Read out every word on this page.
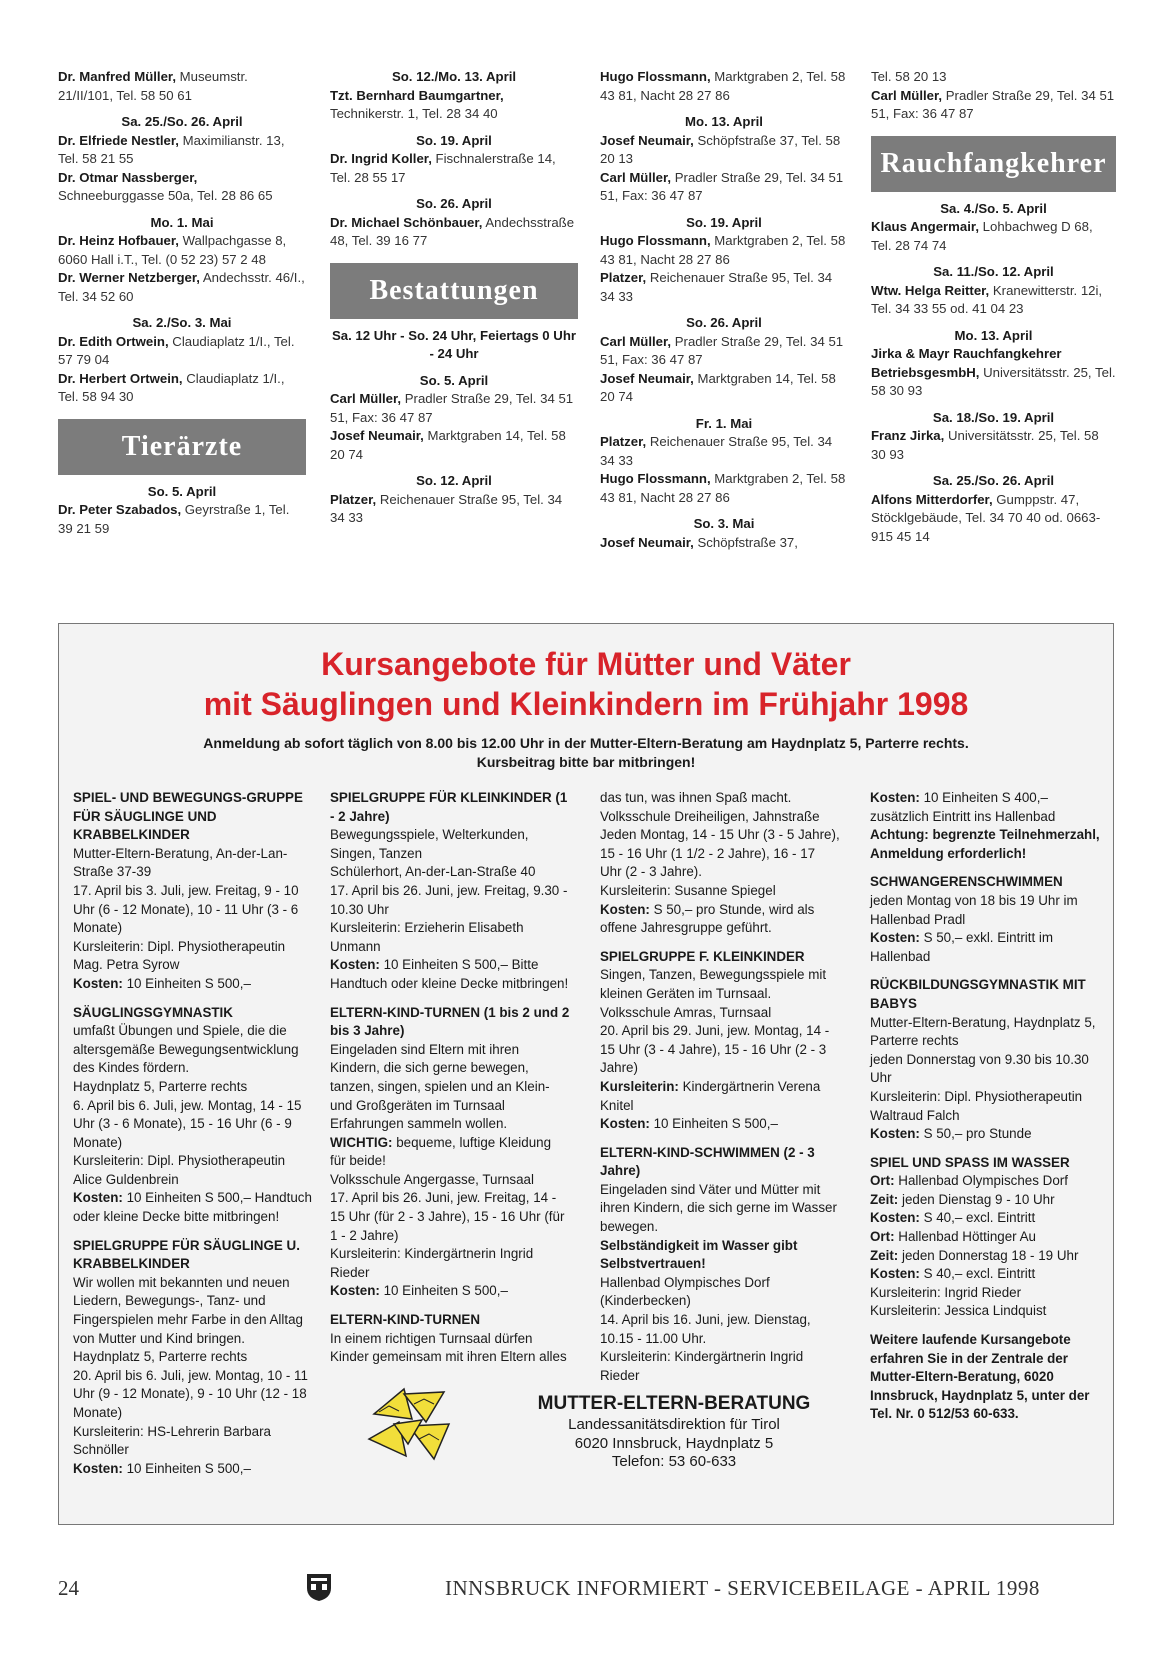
Dr. Manfred Müller, Museumstr. 21/II/101, Tel. 58 50 61
Sa. 25./So. 26. April
Dr. Elfriede Nestler, Maximilianstr. 13, Tel. 58 21 55
Dr. Otmar Nassberger, Schneeburggasse 50a, Tel. 28 86 65
Mo. 1. Mai
Dr. Heinz Hofbauer, Wallpachgasse 8, 6060 Hall i.T., Tel. (0 52 23) 57 2 48
Dr. Werner Netzberger, Andechsstr. 46/I., Tel. 34 52 60
Sa. 2./So. 3. Mai
Dr. Edith Ortwein, Claudiaplatz 1/I., Tel. 57 79 04
Dr. Herbert Ortwein, Claudiaplatz 1/I., Tel. 58 94 30
Tierärzte
So. 5. April
Dr. Peter Szabados, Geyrstraße 1, Tel. 39 21 59
So. 12./Mo. 13. April
Tzt. Bernhard Baumgartner, Technikerstr. 1, Tel. 28 34 40
So. 19. April
Dr. Ingrid Koller, Fischnalerstraße 14, Tel. 28 55 17
So. 26. April
Dr. Michael Schönbauer, Andechsstraße 48, Tel. 39 16 77
Bestattungen
Sa. 12 Uhr - So. 24 Uhr, Feiertags 0 Uhr - 24 Uhr
So. 5. April
Carl Müller, Pradler Straße 29, Tel. 34 51 51, Fax: 36 47 87
Josef Neumair, Marktgraben 14, Tel. 58 20 74
So. 12. April
Platzer, Reichenauer Straße 95, Tel. 34 34 33
Hugo Flossmann, Marktgraben 2, Tel. 58 43 81, Nacht 28 27 86
Mo. 13. April
Josef Neumair, Schöpfstraße 37, Tel. 58 20 13
Carl Müller, Pradler Straße 29, Tel. 34 51 51, Fax: 36 47 87
So. 19. April
Hugo Flossmann, Marktgraben 2, Tel. 58 43 81, Nacht 28 27 86
Platzer, Reichenauer Straße 95, Tel. 34 34 33
So. 26. April
Carl Müller, Pradler Straße 29, Tel. 34 51 51, Fax: 36 47 87
Josef Neumair, Marktgraben 14, Tel. 58 20 74
Fr. 1. Mai
Platzer, Reichenauer Straße 95, Tel. 34 34 33
Hugo Flossmann, Marktgraben 2, Tel. 58 43 81, Nacht 28 27 86
So. 3. Mai
Josef Neumair, Schöpfstraße 37,
Tel. 58 20 13
Carl Müller, Pradler Straße 29, Tel. 34 51 51, Fax: 36 47 87
Rauchfangkehrer
Sa. 4./So. 5. April
Klaus Angermair, Lohbachweg D 68, Tel. 28 74 74
Sa. 11./So. 12. April
Wtw. Helga Reitter, Kranewitterstr. 12i, Tel. 34 33 55 od. 41 04 23
Mo. 13. April
Jirka & Mayr Rauchfangkehrer BetriebsgesmbH, Universitätsstr. 25, Tel. 58 30 93
Sa. 18./So. 19. April
Franz Jirka, Universitätsstr. 25, Tel. 58 30 93
Sa. 25./So. 26. April
Alfons Mitterdorfer, Gumppstr. 47, Stöcklgebäude, Tel. 34 70 40 od. 0663-915 45 14
Kursangebote für Mütter und Väter
mit Säuglingen und Kleinkindern im Frühjahr 1998
Anmeldung ab sofort täglich von 8.00 bis 12.00 Uhr in der Mutter-Eltern-Beratung am Haydnplatz 5, Parterre rechts.
Kursbeitrag bitte bar mitbringen!
SPIEL- UND BEWEGUNGS-GRUPPE FÜR SÄUGLINGE UND KRABBELKINDER
Mutter-Eltern-Beratung, An-der-Lan-Straße 37-39
17. April bis 3. Juli, jew. Freitag, 9 - 10 Uhr (6 - 12 Monate), 10 - 11 Uhr (3 - 6 Monate)
Kursleiterin: Dipl. Physiotherapeutin Mag. Petra Syrow
Kosten: 10 Einheiten S 500,–
SÄUGLINGSGYMNASTIK
umfaßt Übungen und Spiele, die die altersgemäße Bewegungsentwicklung des Kindes fördern.
Haydnplatz 5, Parterre rechts
6. April bis 6. Juli, jew. Montag, 14 - 15 Uhr (3 - 6 Monate), 15 - 16 Uhr (6 - 9 Monate)
Kursleiterin: Dipl. Physiotherapeutin Alice Guldenbrein
Kosten: 10 Einheiten S 500,– Handtuch oder kleine Decke bitte mitbringen!
SPIELGRUPPE FÜR SÄUGLINGE U. KRABBELKINDER
Wir wollen mit bekannten und neuen Liedern, Bewegungs-, Tanz- und Fingerspielen mehr Farbe in den Alltag von Mutter und Kind bringen.
Haydnplatz 5, Parterre rechts
20. April bis 6. Juli, jew. Montag, 10 - 11 Uhr (9 - 12 Monate), 9 - 10 Uhr (12 - 18 Monate)
Kursleiterin: HS-Lehrerin Barbara Schnöller
Kosten: 10 Einheiten S 500,–
SPIELGRUPPE FÜR KLEINKINDER (1 - 2 Jahre)
Bewegungsspiele, Welterkunden, Singen, Tanzen
Schülerhort, An-der-Lan-Straße 40
17. April bis 26. Juni, jew. Freitag, 9.30 - 10.30 Uhr
Kursleiterin: Erzieherin Elisabeth Unmann
Kosten: 10 Einheiten S 500,– Bitte Handtuch oder kleine Decke mitbringen!
ELTERN-KIND-TURNEN (1 bis 2 und 2 bis 3 Jahre)
Eingeladen sind Eltern mit ihren Kindern, die sich gerne bewegen, tanzen, singen, spielen und an Klein- und Großgeräten im Turnsaal Erfahrungen sammeln wollen.
WICHTIG: bequeme, luftige Kleidung für beide!
Volksschule Angergasse, Turnsaal
17. April bis 26. Juni, jew. Freitag, 14 - 15 Uhr (für 2 - 3 Jahre), 15 - 16 Uhr (für 1 - 2 Jahre)
Kursleiterin: Kindergärtnerin Ingrid Rieder
Kosten: 10 Einheiten S 500,–
ELTERN-KIND-TURNEN
In einem richtigen Turnsaal dürfen Kinder gemeinsam mit ihren Eltern alles
das tun, was ihnen Spaß macht.
Volksschule Dreiheiligen, Jahnstraße
Jeden Montag, 14 - 15 Uhr (3 - 5 Jahre), 15 - 16 Uhr (1 1/2 - 2 Jahre), 16 - 17 Uhr (2 - 3 Jahre).
Kursleiterin: Susanne Spiegel
Kosten: S 50,– pro Stunde, wird als offene Jahresgruppe geführt.
SPIELGRUPPE F. KLEINKINDER
Singen, Tanzen, Bewegungsspiele mit kleinen Geräten im Turnsaal.
Volksschule Amras, Turnsaal
20. April bis 29. Juni, jew. Montag, 14 - 15 Uhr (3 - 4 Jahre), 15 - 16 Uhr (2 - 3 Jahre)
Kursleiterin: Kindergärtnerin Verena Knitel
Kosten: 10 Einheiten S 500,–
ELTERN-KIND-SCHWIMMEN (2 - 3 Jahre)
Eingeladen sind Väter und Mütter mit ihren Kindern, die sich gerne im Wasser bewegen.
Selbständigkeit im Wasser gibt Selbstvertrauen!
Hallenbad Olympisches Dorf (Kinderbecken)
14. April bis 16. Juni, jew. Dienstag, 10.15 - 11.00 Uhr.
Kursleiterin: Kindergärtnerin Ingrid Rieder
Kosten: 10 Einheiten S 400,– zusätzlich Eintritt ins Hallenbad
Achtung: begrenzte Teilnehmerzahl, Anmeldung erforderlich!
SCHWANGERENSCHWIMMEN
jeden Montag von 18 bis 19 Uhr im Hallenbad Pradl
Kosten: S 50,– exkl. Eintritt im Hallenbad
RÜCKBILDUNGSGYMNASTIK MIT BABYS
Mutter-Eltern-Beratung, Haydnplatz 5, Parterre rechts
jeden Donnerstag von 9.30 bis 10.30 Uhr
Kursleiterin: Dipl. Physiotherapeutin Waltraud Falch
Kosten: S 50,– pro Stunde
SPIEL UND SPASS IM WASSER
Ort: Hallenbad Olympisches Dorf
Zeit: jeden Dienstag 9 - 10 Uhr
Kosten: S 40,– excl. Eintritt
Ort: Hallenbad Höttinger Au
Zeit: jeden Donnerstag 18 - 19 Uhr
Kosten: S 40,– excl. Eintritt
Kursleiterin: Ingrid Rieder
Kursleiterin: Jessica Lindquist
Weitere laufende Kursangebote erfahren Sie in der Zentrale der Mutter-Eltern-Beratung, 6020 Innsbruck, Haydnplatz 5, unter der Tel. Nr. 0 512/53 60-633.
MUTTER-ELTERN-BERATUNG
Landessanitätsdirektion für Tirol
6020 Innsbruck, Haydnplatz 5
Telefon: 53 60-633
24	INNSBRUCK INFORMIERT - SERVICEBEILAGE - APRIL 1998
